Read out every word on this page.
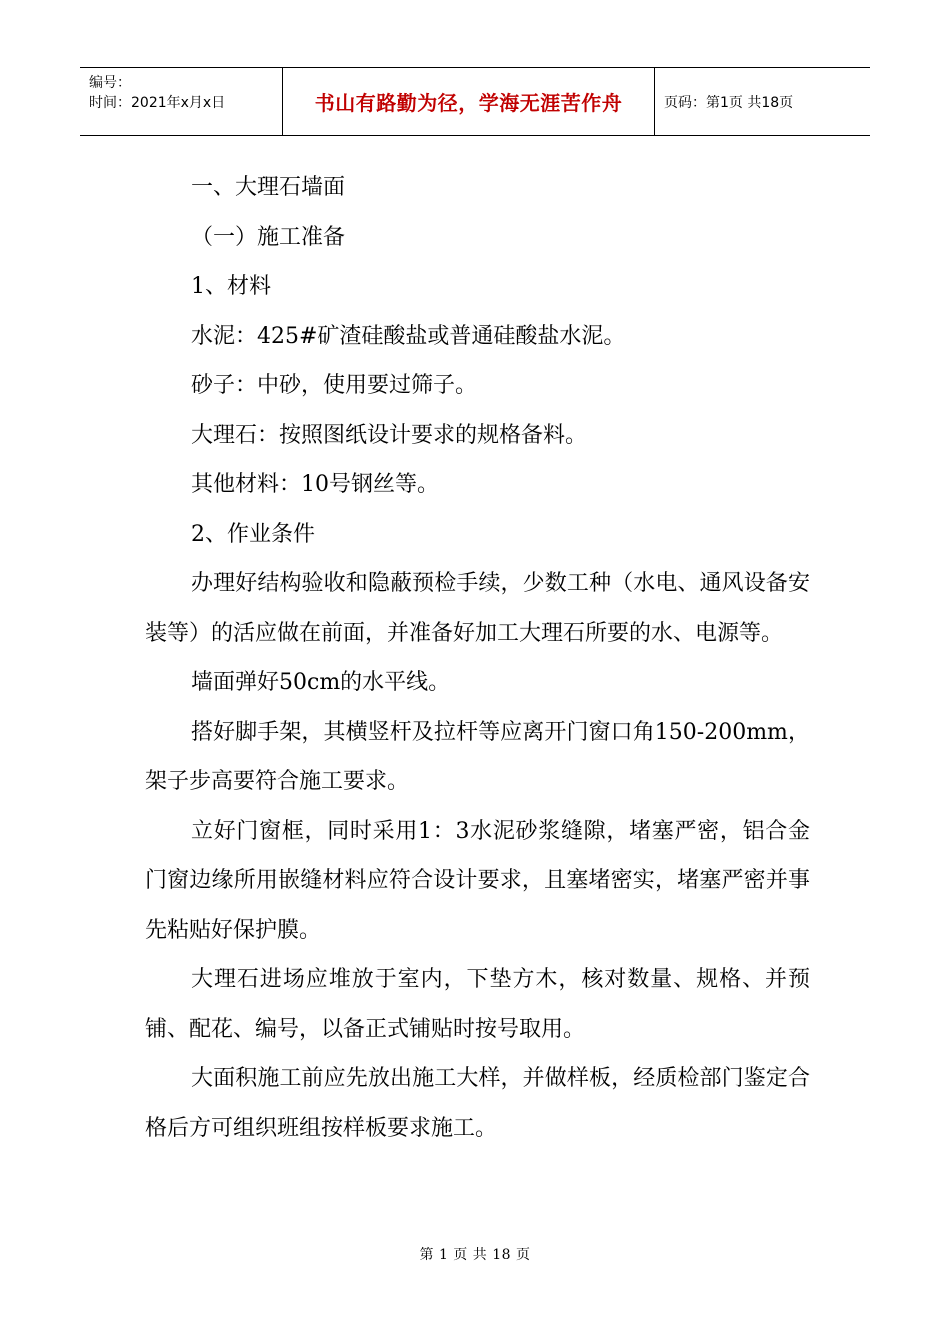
编号：
时间：2021年x月x日	书山有路勤为径，学海无涯苦作舟	页码：第1页 共18页

一、大理石墙面

（一）施工准备

1、材料

水泥：425#矿渣硅酸盐或普通硅酸盐水泥。

砂子：中砂，使用要过筛子。

大理石：按照图纸设计要求的规格备料。

其他材料：10号钢丝等。

2、作业条件

办理好结构验收和隐蔽预检手续，少数工种（水电、通风设备安装等）的活应做在前面，并准备好加工大理石所要的水、电源等。

墙面弹好50cm的水平线。

搭好脚手架，其横竖杆及拉杆等应离开门窗口角150-200mm，架子步高要符合施工要求。

立好门窗框，同时采用1：3水泥砂浆缝隙，堵塞严密，铝合金门窗边缘所用嵌缝材料应符合设计要求，且塞堵密实，堵塞严密并事先粘贴好保护膜。

大理石进场应堆放于室内，下垫方木，核对数量、规格、并预铺、配花、编号，以备正式铺贴时按号取用。

大面积施工前应先放出施工大样，并做样板，经质检部门鉴定合格后方可组织班组按样板要求施工。

第 1 页 共 18 页
